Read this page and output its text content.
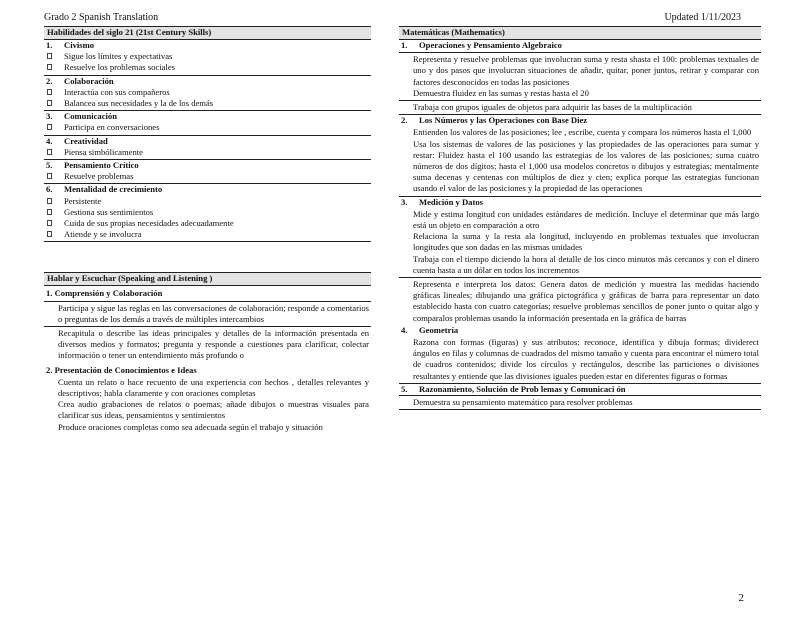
Grado 2 Spanish Translation	Updated 1/11/2023
Habilidades del siglo 21 (21st Century Skills)
1. Civismo
Sigue los límites y expectativas
Resuelve los problemas sociales
2. Colaboración
Interactúa con sus compañeros
Balancea sus necesidades y la de los demás
3. Comunicación
Participa en conversaciones
4. Creatividad
Piensa simbólicamente
5. Pensamiento Crítico
Resuelve problemas
6. Mentalidad de crecimiento
Persistente
Gestiona sus sentimientos
Cuida de sus propias necesidades adecuadamente
Atiende y se involucra
Hablar y Escuchar (Speaking and Listening )
1. Comprensión y Colaboración
Participa y sigue las reglas en las conversaciones de colaboración; responde a comentarios o preguntas de los demás a través de múltiples intercambios
Recapitula o describe las ideas principales y detalles de la información presentada en diversos medios y formatos; pregunta y responde a cuestiones para clarificar, colectar información o tener un entendimiento más profundo o
2. Presentación de Conocimientos e Ideas
Cuenta un relato o hace recuento de una experiencia con hechos , detalles relevantes y descriptivos; habla claramente y con oraciones completas
Crea audio grabaciones de relatos o poemas; añade dibujos o muestras visuales para clarificar sus ideas, pensamientos y sentimientos
Produce oraciones completas como sea adecuada según el trabajo y situación
Matemáticas (Mathematics)
1. Operaciones y Pensamiento Algebraico
Representa y resuelve problemas que involucran suma y resta shasta el 100: problemas textuales de uno y dos pasos que involucran situaciones de añadir, quitar, poner juntos, retirar y comparar con factores desconocidos en todas las posiciones
Demuestra fluidez en las sumas y restas hasta el 20
Trabaja con grupos iguales de objetos para adquirir las bases de la multiplicación
2. Los Números y las Operaciones con Base Diez
Entienden los valores de las posiciones; lee , escribe, cuenta y compara los números hasta el 1,000
Usa los sistemas de valores de las posiciones y las propiedades de las operaciones para sumar y restar: Fluidez hasta el 100 usando las estrategias de los valores de las posiciones; suma cuatro números de dos dígitos; hasta el 1,000 usa modelos concretos o dibujos y estrategias; mentalmente suma decenas y centenas con múltiplos de diez y cien; explica porque las estrategias funcionan usando el valor de las posiciones y la propiedad de las operaciones
3. Medición y Datos
Mide y estima longitud con unidades estándares de medición. Incluye el determinar que más largo está un objeto en comparación a otro
Relaciona la suma y la resta ala longitud, incluyendo en problemas textuales que involucran longitudes que son dadas en las mismas unidades
Trabaja con el tiempo diciendo la hora al detalle de los cinco minutos más cercanos y con el dinero cuenta hasta a un dólar en todos los incrementos
Representa e interpreta los datos: Genera datos de medición y muestra las medidas haciendo gráficas lineales; dibujando una gráfica pictográfica y gráficas de barra para representar un dato establecido hasta con cuatro categorías; resuelve problemas sencillos de poner junto o quitar algo y comparalos problemas usando la información presentada en la gráfica de barras
4. Geometría
Razona con formas (figuras) y sus atributos: reconoce, identifica y dibuja formas; dividerect ángulos en filas y columnas de cuadrados del mismo tamaño y cuenta para encontrar el número total de cuadros contenidos; divide los círculos y rectángulos, describe las particiones o divisiones resultantes y entiende que las divisiones iguales pueden estar en diferentes figuras o formas
5. Razonamiento, Solución de Prob lemas y Comunicaci ón
Demuestra su pensamiento matemático para resolver problemas
2
